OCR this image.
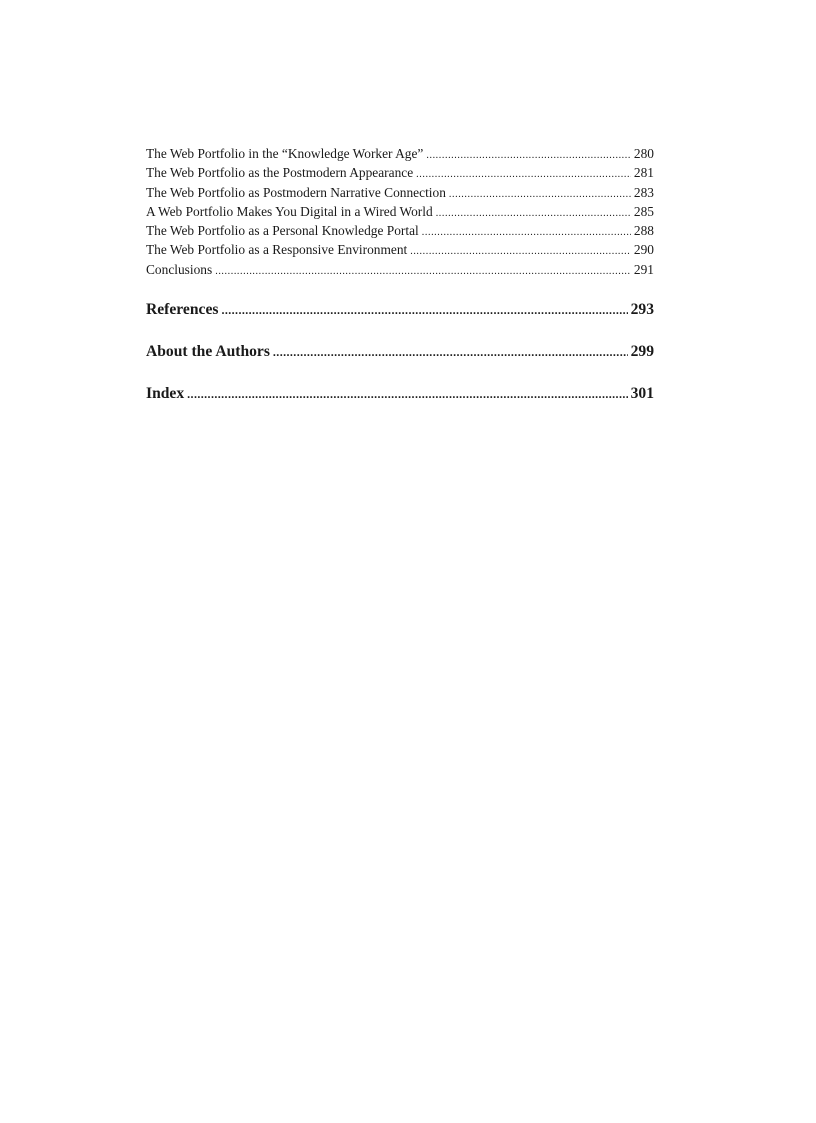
The Web Portfolio in the “Knowledge Worker Age” .....	280
The Web Portfolio as the Postmodern Appearance .....	281
The Web Portfolio as Postmodern Narrative Connection .....	283
A Web Portfolio Makes You Digital in a Wired World .....	285
The Web Portfolio as a Personal Knowledge Portal .....	288
The Web Portfolio as a Responsive Environment .....	290
Conclusions .....	291
References .....	293
About the Authors .....	299
Index .....	301
